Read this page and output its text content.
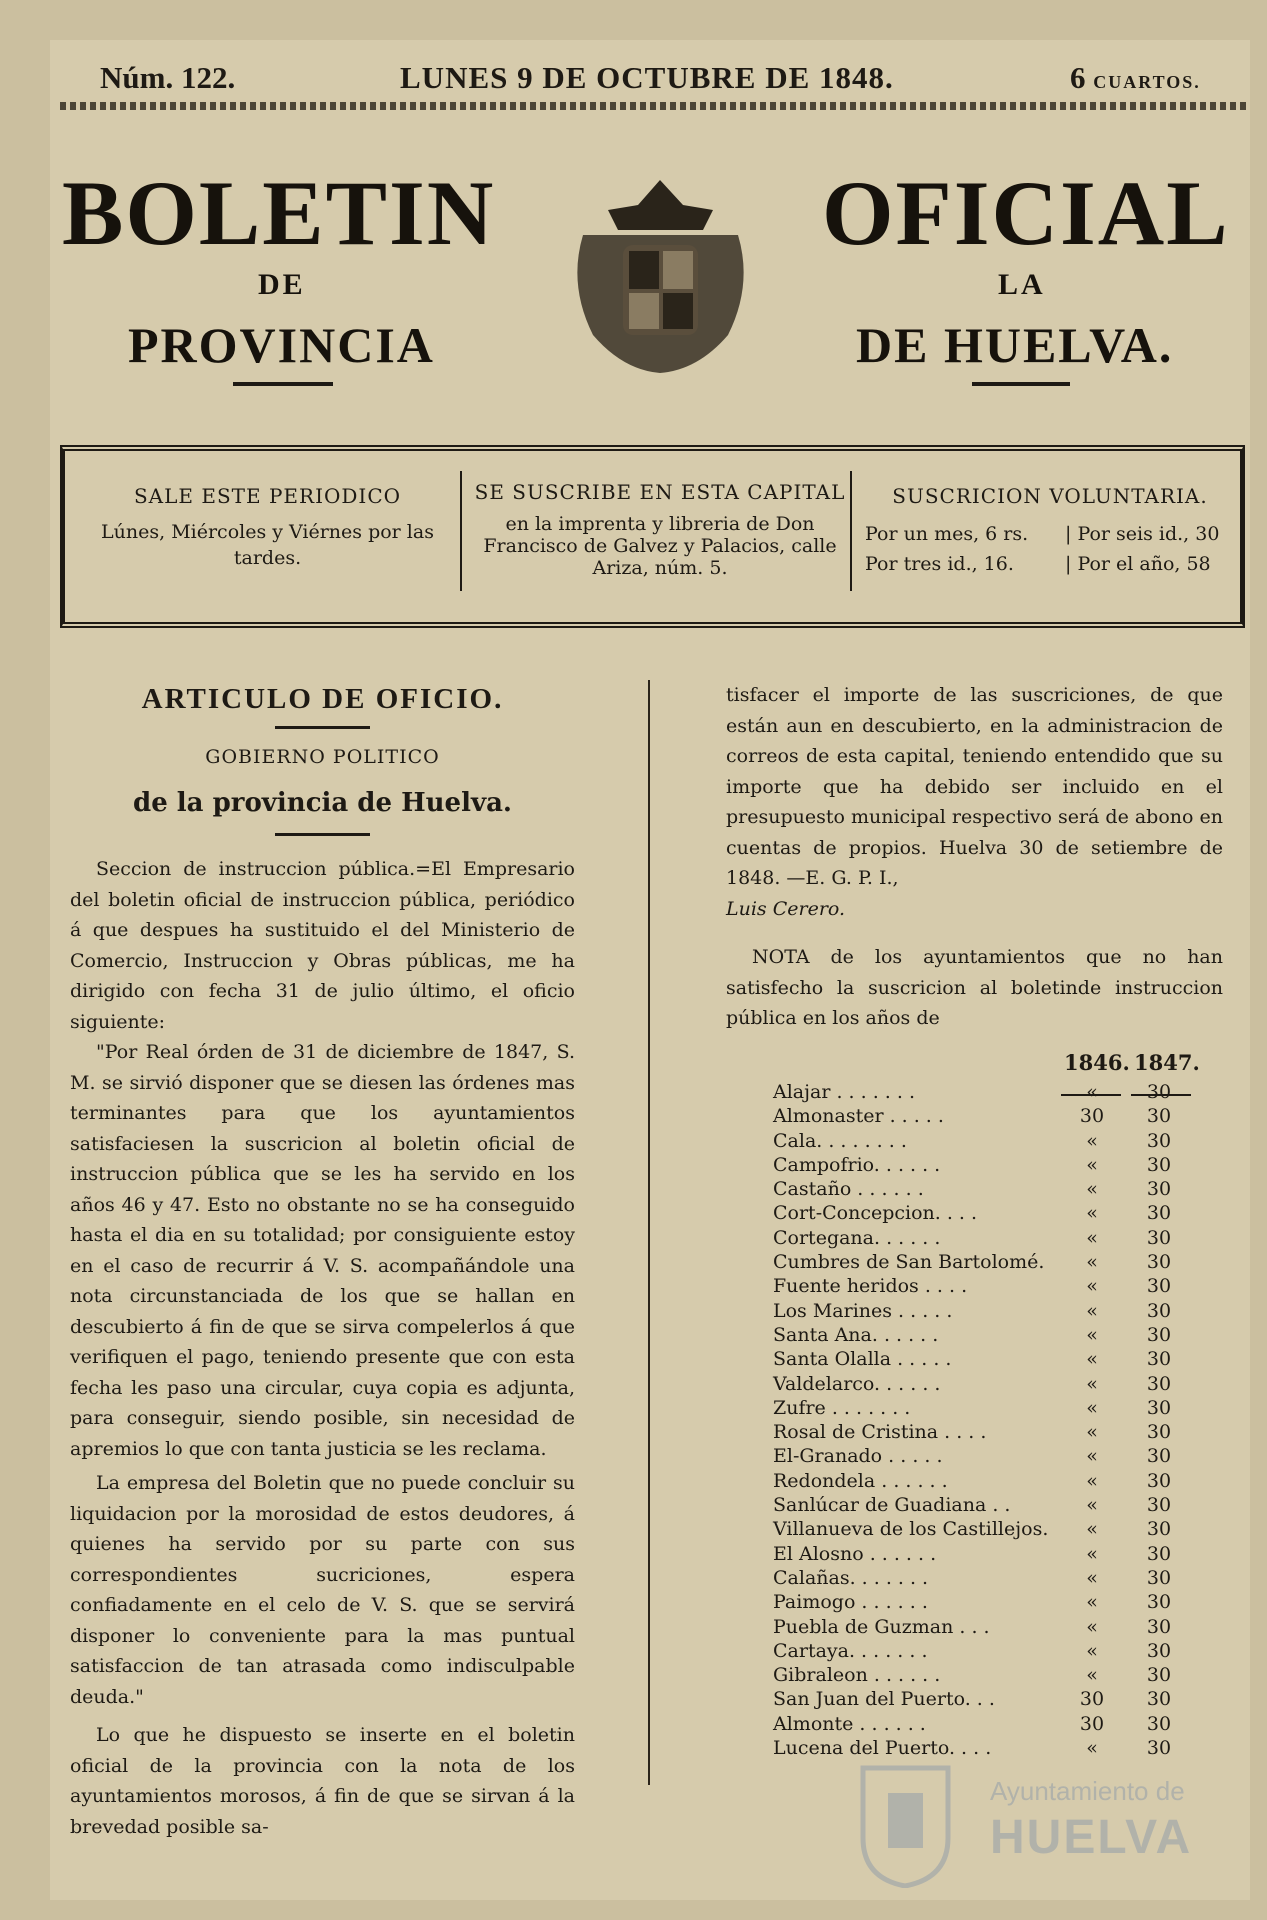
Núm. 122.	LUNES 9 DE OCTUBRE DE 1848.	6 CUARTOS.
BOLETIN
DE
PROVINCIA
OFICIAL
LA
DE HUELVA.
SALE ESTE PERIODICO
Lúnes, Miércoles y Viérnes por las tardes.
SE SUSCRIBE EN ESTA CAPITAL
en la imprenta y libreria de Don Francisco de Galvez y Palacios, calle Ariza, núm. 5.
SUSCRICION VOLUNTARIA.
Por un mes, 6 rs. | Por seis id., 30
Por tres id., 16.	| Por el año, 58
ARTICULO DE OFICIO.
GOBIERNO POLITICO
de la provincia de Huelva.
Seccion de instruccion pública.=El Empresario del boletin oficial de instruccion pública, periódico á que despues ha sustituido el del Ministerio de Comercio, Instruccion y Obras públicas, me ha dirigido con fecha 31 de julio último, el oficio siguiente:
"Por Real órden de 31 de diciembre de 1847, S. M. se sirvió disponer que se diesen las órdenes mas terminantes para que los ayuntamientos satisfaciesen la suscricion al boletin oficial de instruccion pública que se les ha servido en los años 46 y 47. Esto no obstante no se ha conseguido hasta el dia en su totalidad; por consiguiente estoy en el caso de recurrir á V. S. acompañándole una nota circunstanciada de los que se hallan en descubierto á fin de que se sirva compelerlos á que verifiquen el pago, teniendo presente que con esta fecha les paso una circular, cuya copia es adjunta, para conseguir, siendo posible, sin necesidad de apremios lo que con tanta justicia se les reclama.
La empresa del Boletin que no puede concluir su liquidacion por la morosidad de estos deudores, á quienes ha servido por su parte con sus correspondientes sucriciones, espera confiadamente en el celo de V. S. que se servirá disponer lo conveniente para la mas puntual satisfaccion de tan atrasada como indisculpable deuda."
Lo que he dispuesto se inserte en el boletin oficial de la provincia con la nota de los ayuntamientos morosos, á fin de que se sirvan á la brevedad posible sa-
tisfacer el importe de las suscriciones, de que están aun en descubierto, en la administracion de correos de esta capital, teniendo entendido que su importe que ha debido ser incluido en el presupuesto municipal respectivo será de abono en cuentas de propios. Huelva 30 de setiembre de 1848. —E. G. P. I.,
Luis Cerero.
NOTA de los ayuntamientos que no han satisfecho la suscricion al boletinde instruccion pública en los años de
1846. 1847.
Alajar . . . . . . .	«	30
Almonaster . . . . .	30	30
Cala. . . . . . . .	«	30
Campofrio. . . . . .	«	30
Castaño . . . . . .	«	30
Cort-Concepcion. . . .	«	30
Cortegana. . . . . .	«	30
Cumbres de San Bartolomé.	«	30
Fuente heridos . . . .	«	30
Los Marines . . . . .	«	30
Santa Ana. . . . . .	«	30
Santa Olalla . . . . .	«	30
Valdelarco. . . . . .	«	30
Zufre . . . . . . .	«	30
Rosal de Cristina . . . .	«	30
El-Granado . . . . .	«	30
Redondela . . . . . .	«	30
Sanlúcar de Guadiana . .	«	30
Villanueva de los Castillejos.	«	30
El Alosno . . . . . .	«	30
Calañas. . . . . . .	«	30
Paimogo . . . . . .	«	30
Puebla de Guzman . . .	«	30
Cartaya. . . . . . .	«	30
Gibraleon . . . . . .	«	30
San Juan del Puerto. . .	30	30
Almonte . . . . . .	30	30
Lucena del Puerto. . . .	«	30
Ayuntamiento de
HUELVA
